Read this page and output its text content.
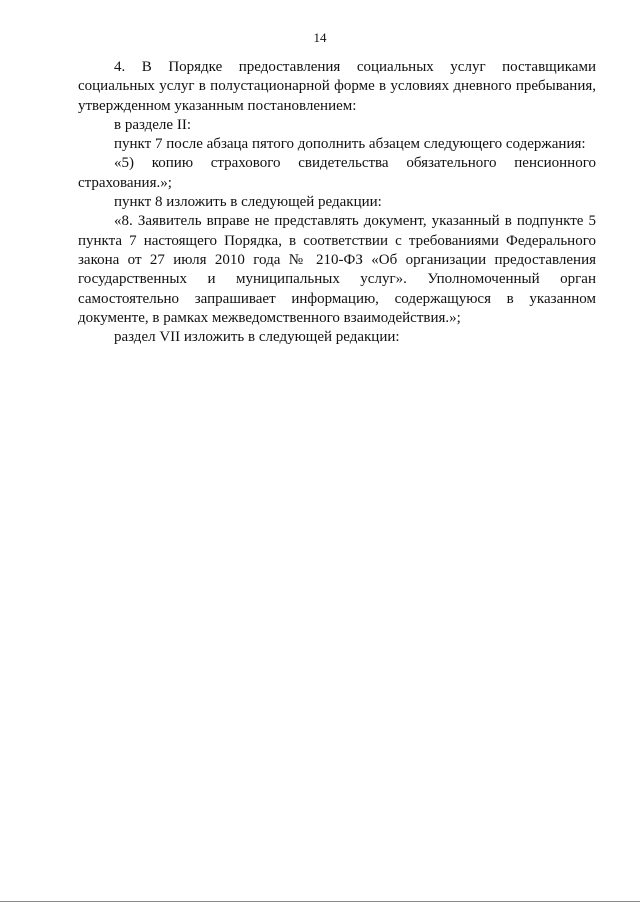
14

4. В Порядке предоставления социальных услуг поставщиками социальных услуг в полустационарной форме в условиях дневного пребывания, утвержденном указанным постановлением:

в разделе II:

пункт 7 после абзаца пятого дополнить абзацем следующего содержания:

«5) копию страхового свидетельства обязательного пенсионного страхования.»;

пункт 8 изложить в следующей редакции:

«8. Заявитель вправе не представлять документ, указанный в подпункте 5 пункта 7 настоящего Порядка, в соответствии с требованиями Федерального закона от 27 июля 2010 года № 210-ФЗ «Об организации предоставления государственных и муниципальных услуг». Уполномоченный орган самостоятельно запрашивает информацию, содержащуюся в указанном документе, в рамках межведомственного взаимодействия.»;

раздел VII изложить в следующей редакции:
